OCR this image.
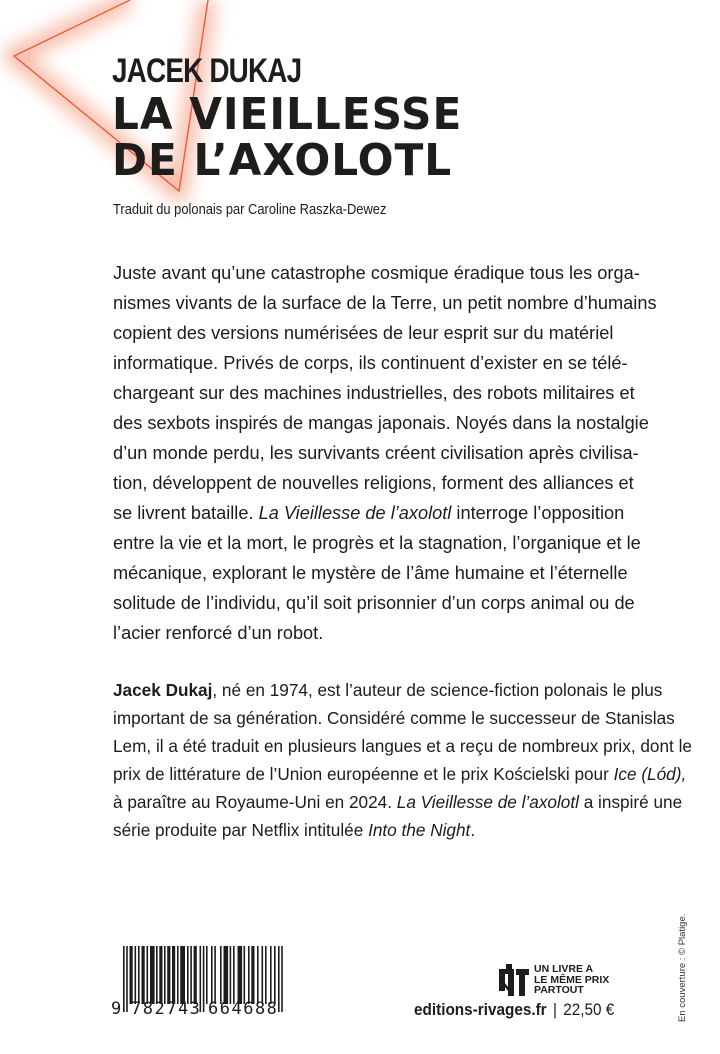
JACEK DUKAJ
LA VIEILLESSE
DE L’AXOLOTL
Traduit du polonais par Caroline Raszka-Dewez
Juste avant qu’une catastrophe cosmique éradique tous les orga-
nismes vivants de la surface de la Terre, un petit nombre d’humains
copient des versions numérisées de leur esprit sur du matériel
informatique. Privés de corps, ils continuent d’exister en se télé-
chargeant sur des machines industrielles, des robots militaires et
des sexbots inspirés de mangas japonais. Noyés dans la nostalgie
d’un monde perdu, les survivants créent civilisation après civilisa-
tion, développent de nouvelles religions, forment des alliances et
se livrent bataille. La Vieillesse de l’axolotl interroge l’opposition
entre la vie et la mort, le progrès et la stagnation, l’organique et le
mécanique, explorant le mystère de l’âme humaine et l’éternelle
solitude de l’individu, qu’il soit prisonnier d’un corps animal ou de
l’acier renforcé d’un robot.
Jacek Dukaj, né en 1974, est l’auteur de science-fiction polonais le plus
important de sa génération. Considéré comme le successeur de Stanislas
Lem, il a été traduit en plusieurs langues et a reçu de nombreux prix, dont le
prix de littérature de l’Union européenne et le prix Kościelski pour Ice (Lód),
à paraître au Royaume-Uni en 2024. La Vieillesse de l’axolotl a inspiré une
série produite par Netflix intitulée Into the Night.
9 782743 664688
UN LIVRE A
LE MÊME PRIX
PARTOUT
editions-rivages.fr | 22,50 €	En couverture : © Platige.
